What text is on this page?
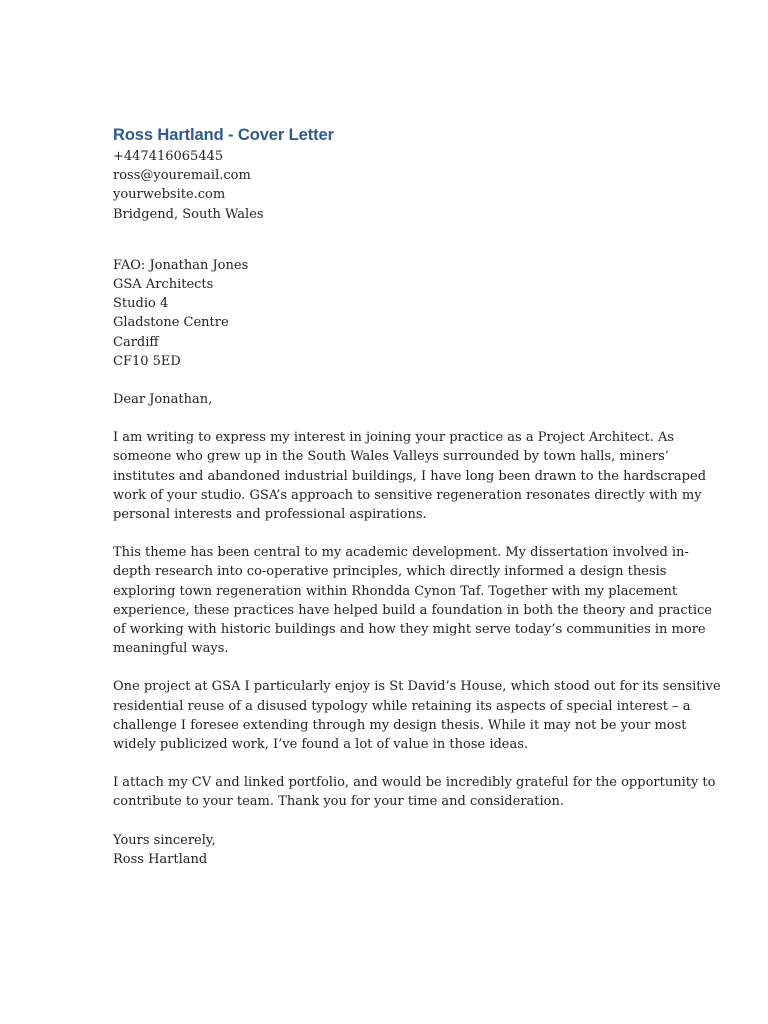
Ross Hartland - Cover Letter
+447416065445
ross@youremail.com
yourwebsite.com
Bridgend, South Wales
FAO: Jonathan Jones
GSA Architects
Studio 4
Gladstone Centre
Cardiff
CF10 5ED
Dear Jonathan,
I am writing to express my interest in joining your practice as a Project Architect. As
someone who grew up in the South Wales Valleys surrounded by town halls, miners’
institutes and abandoned industrial buildings, I have long been drawn to the hardscraped
work of your studio. GSA’s approach to sensitive regeneration resonates directly with my
personal interests and professional aspirations.
This theme has been central to my academic development. My dissertation involved in-
depth research into co-operative principles, which directly informed a design thesis
exploring town regeneration within Rhondda Cynon Taf. Together with my placement
experience, these practices have helped build a foundation in both the theory and practice
of working with historic buildings and how they might serve today’s communities in more
meaningful ways.
One project at GSA I particularly enjoy is St David’s House, which stood out for its sensitive
residential reuse of a disused typology while retaining its aspects of special interest – a
challenge I foresee extending through my design thesis. While it may not be your most
widely publicized work, I’ve found a lot of value in those ideas.
I attach my CV and linked portfolio, and would be incredibly grateful for the opportunity to
contribute to your team. Thank you for your time and consideration.
Yours sincerely,
Ross Hartland
